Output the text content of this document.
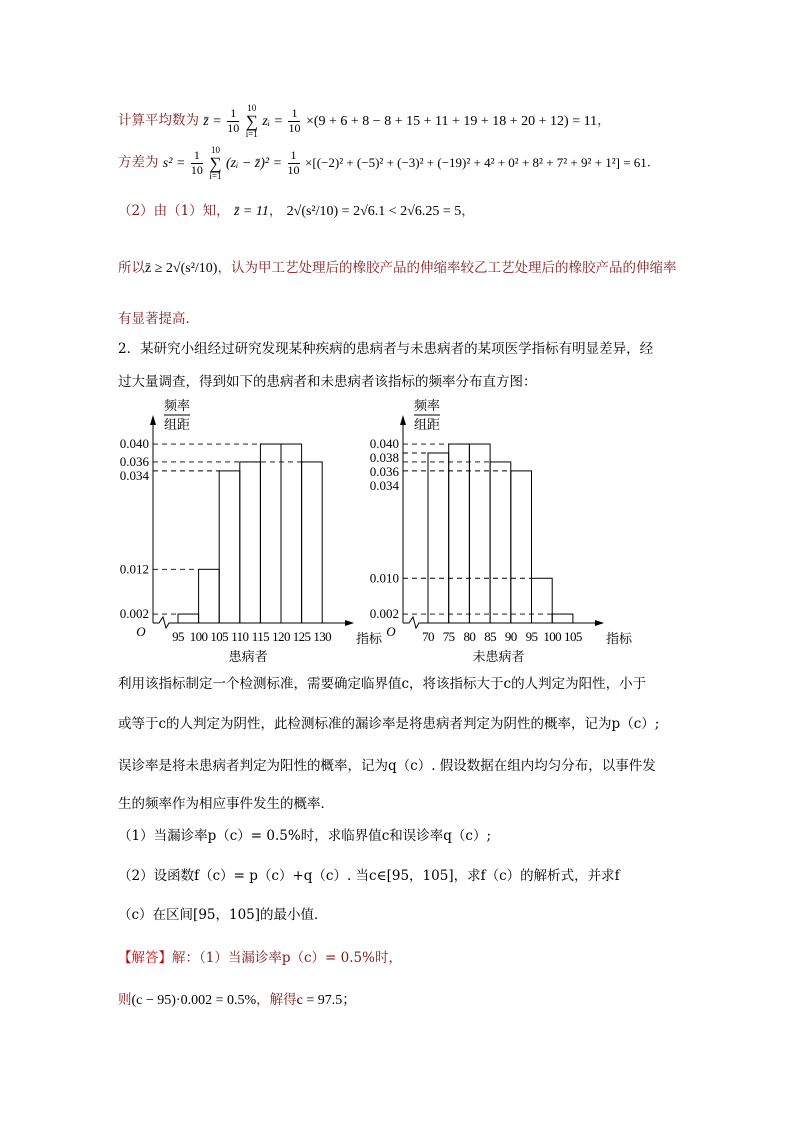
计算平均数为 z̄ = $\frac{1}{10} 10$
∑
i=1 zᵢ = $\frac{1}{10} \times(9 + 6 + 8 - 8 + 15 + 11 + 19 + 18 + 20 + 12) = 11$，
方差为 $s^2 = \frac{1}{10} 10$
∑
i=1 (zᵢ − z̄)² = $\frac{1}{10} \times[(-2)^2 + (-5)^2 + (-3)^2 + (-19)^2 + 4^2 + 0^2 + 8^2 + 7^2 + 9^2 + 1^2] = 61$．
（2）由（1）知， z̄ = 11， 2√(s²/10) = 2√6.1 < 2√6.25 = 5，
所以z̄ ≥ 2√(s²/10)，认为甲工艺处理后的橡胶产品的伸缩率较乙工艺处理后的橡胶产品的伸缩率
有显著提高．
2．某研究小组经过研究发现某种疾病的患病者与未患病者的某项医学指标有明显差异，经
过大量调查，得到如下的患病者和未患病者该指标的频率分布直方图：
频率
组距
O
0.040
0.036
0.034
0.012
0.002
95 100 105 110 115 120 125 130 指标
患病者
频率
组距
O
0.040
0.038
0.036
0.034
0.010
0.002
70 75 80 85 90 95 100 105 指标
未患病者
利用该指标制定一个检测标准，需要确定临界值c，将该指标大于c的人判定为阳性，小于
或等于c的人判定为阴性，此检测标准的漏诊率是将患病者判定为阴性的概率，记为p（c）;
误诊率是将未患病者判定为阳性的概率，记为q（c）. 假设数据在组内均匀分布，以事件发
生的频率作为相应事件发生的概率．
（1）当漏诊率p（c）= 0.5%时，求临界值c和误诊率q（c）;
（2）设函数f（c）= p（c）+q（c）. 当c∈[95，105]，求f（c）的解析式，并求f
（c）在区间[95，105]的最小值．
【解答】解：（1）当漏诊率p（c）= 0.5%时，
则(c − 95)·0.002 = 0.5%，解得c = 97.5；
